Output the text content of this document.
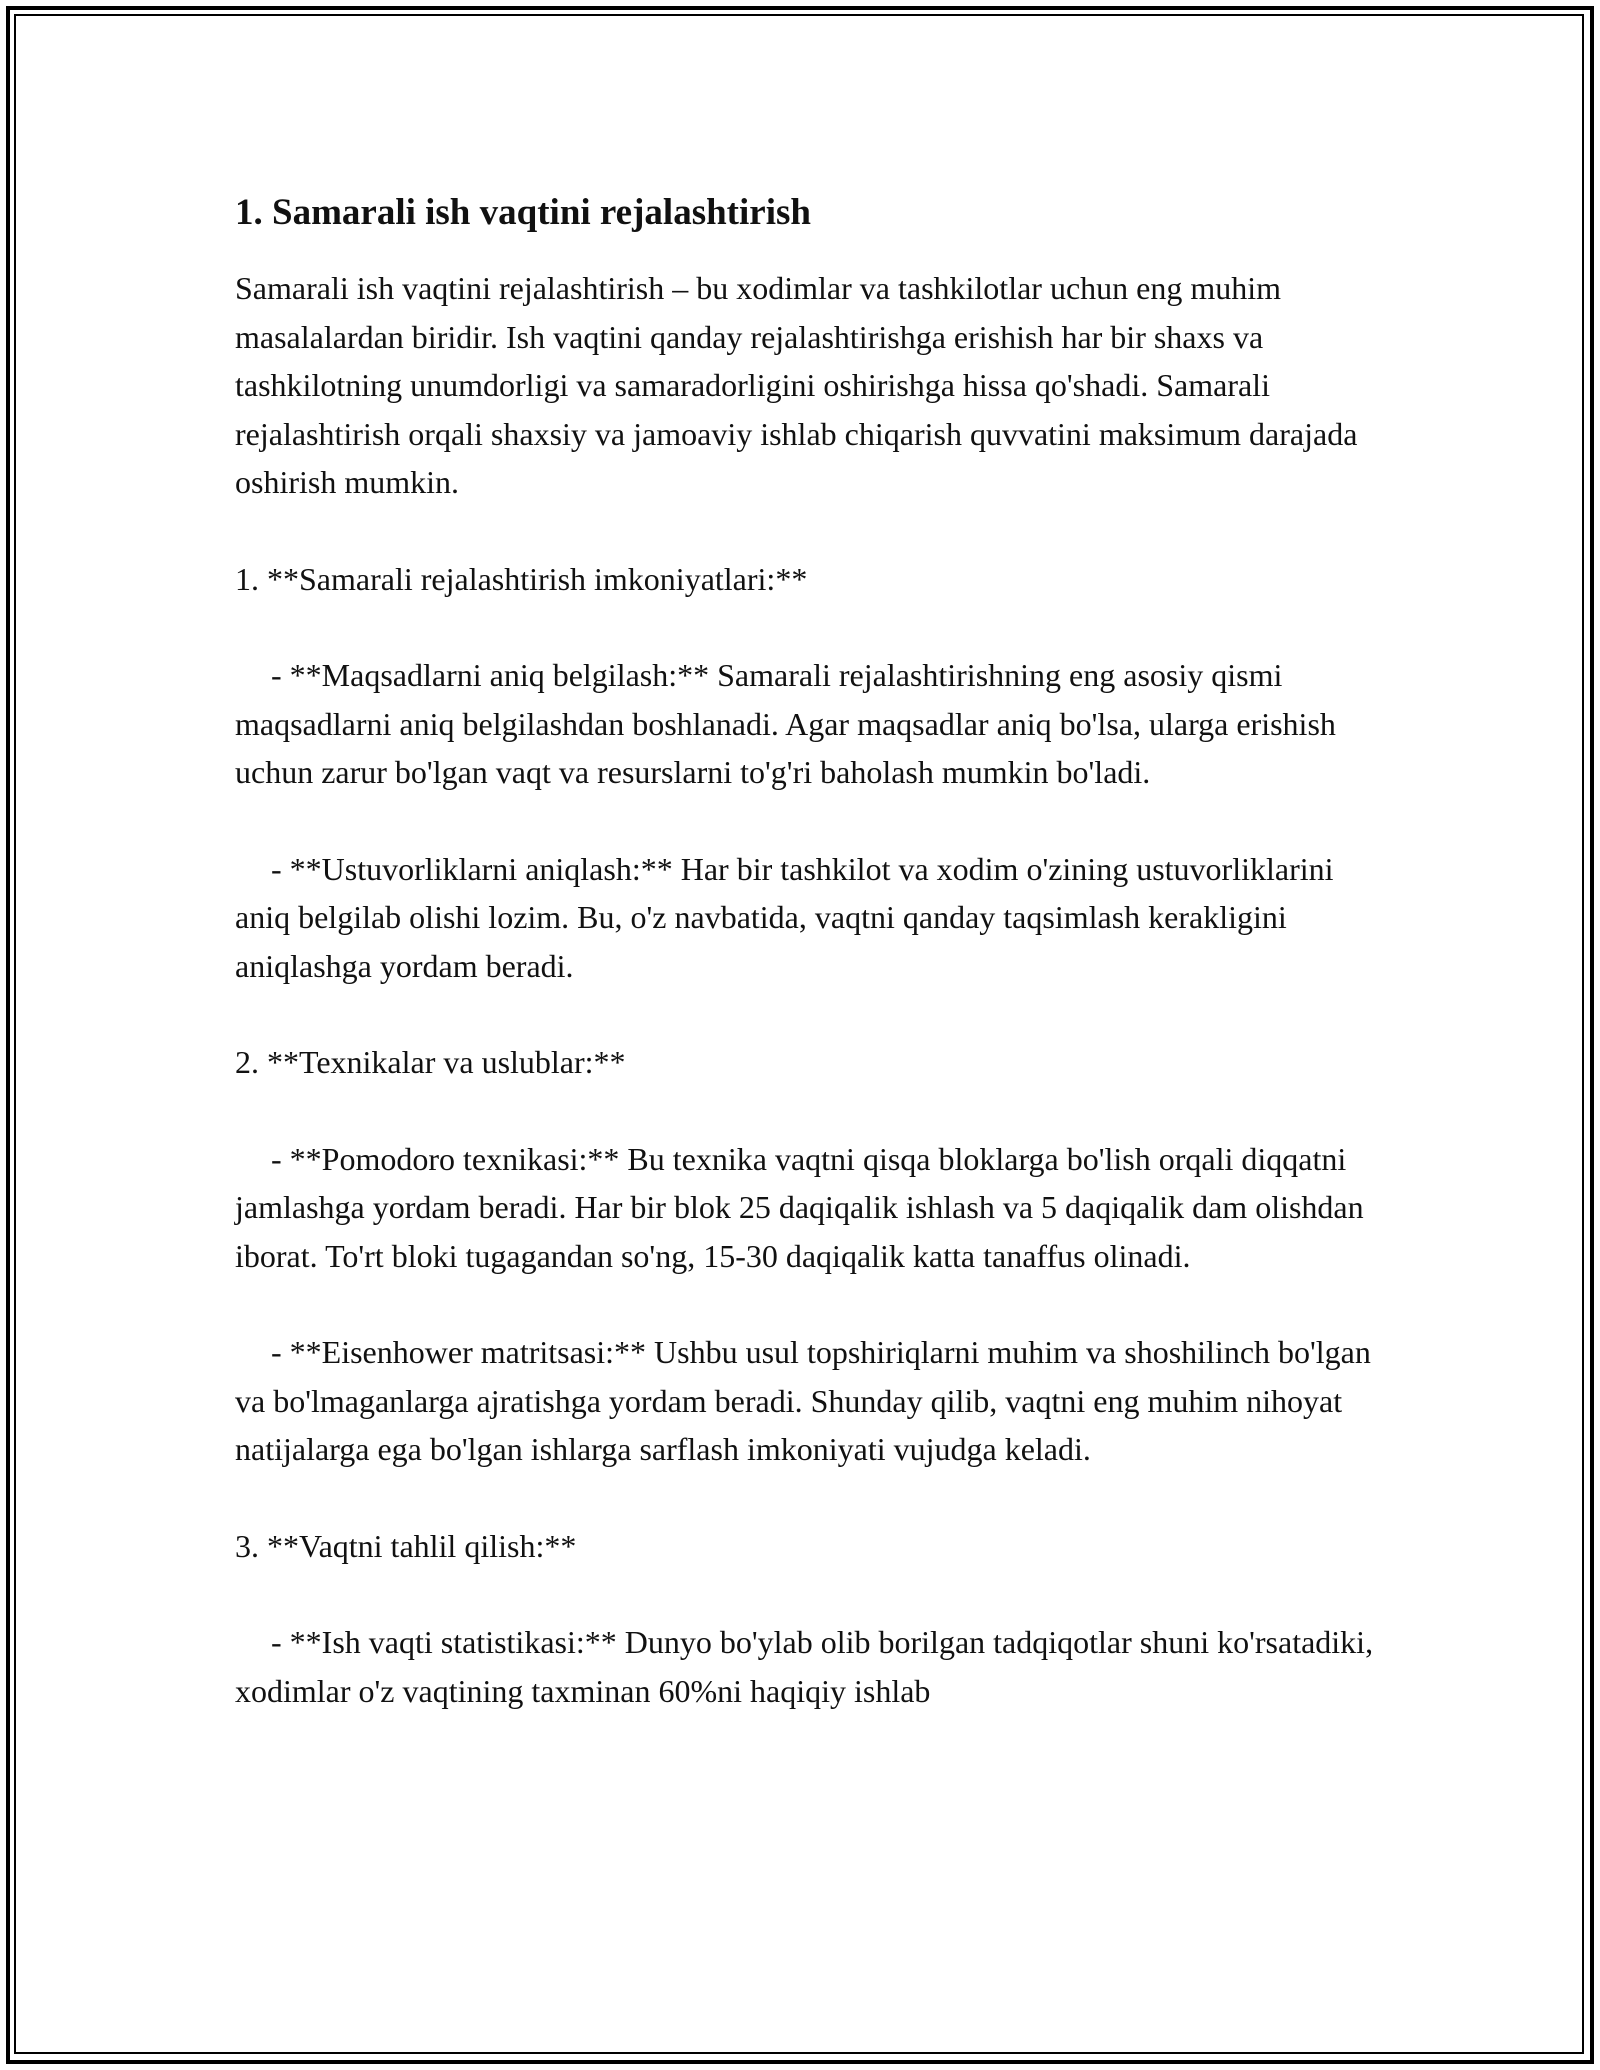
1. Samarali ish vaqtini rejalashtirish

Samarali ish vaqtini rejalashtirish – bu xodimlar va tashkilotlar uchun eng muhim masalalardan biridir. Ish vaqtini qanday rejalashtirishga erishish har bir shaxs va tashkilotning unumdorligi va samaradorligini oshirishga hissa qo'shadi. Samarali rejalashtirish orqali shaxsiy va jamoaviy ishlab chiqarish quvvatini maksimum darajada oshirish mumkin.

1. **Samarali rejalashtirish imkoniyatlari:**

- **Maqsadlarni aniq belgilash:** Samarali rejalashtirishning eng asosiy qismi maqsadlarni aniq belgilashdan boshlanadi. Agar maqsadlar aniq bo'lsa, ularga erishish uchun zarur bo'lgan vaqt va resurslarni to'g'ri baholash mumkin bo'ladi.

- **Ustuvorliklarni aniqlash:** Har bir tashkilot va xodim o'zining ustuvorliklarini aniq belgilab olishi lozim. Bu, o'z navbatida, vaqtni qanday taqsimlash kerakligini aniqlashga yordam beradi.

2. **Texnikalar va uslublar:**

- **Pomodoro texnikasi:** Bu texnika vaqtni qisqa bloklarga bo'lish orqali diqqatni jamlashga yordam beradi. Har bir blok 25 daqiqalik ishlash va 5 daqiqalik dam olishdan iborat. To'rt bloki tugagandan so'ng, 15-30 daqiqalik katta tanaffus olinadi.

- **Eisenhower matritsasi:** Ushbu usul topshiriqlarni muhim va shoshilinch bo'lgan va bo'lmaganlarga ajratishga yordam beradi. Shunday qilib, vaqtni eng muhim nihoyat natijalarga ega bo'lgan ishlarga sarflash imkoniyati vujudga keladi.

3. **Vaqtni tahlil qilish:**

- **Ish vaqti statistikasi:** Dunyo bo'ylab olib borilgan tadqiqotlar shuni ko'rsatadiki, xodimlar o'z vaqtining taxminan 60%ni haqiqiy ishlab
